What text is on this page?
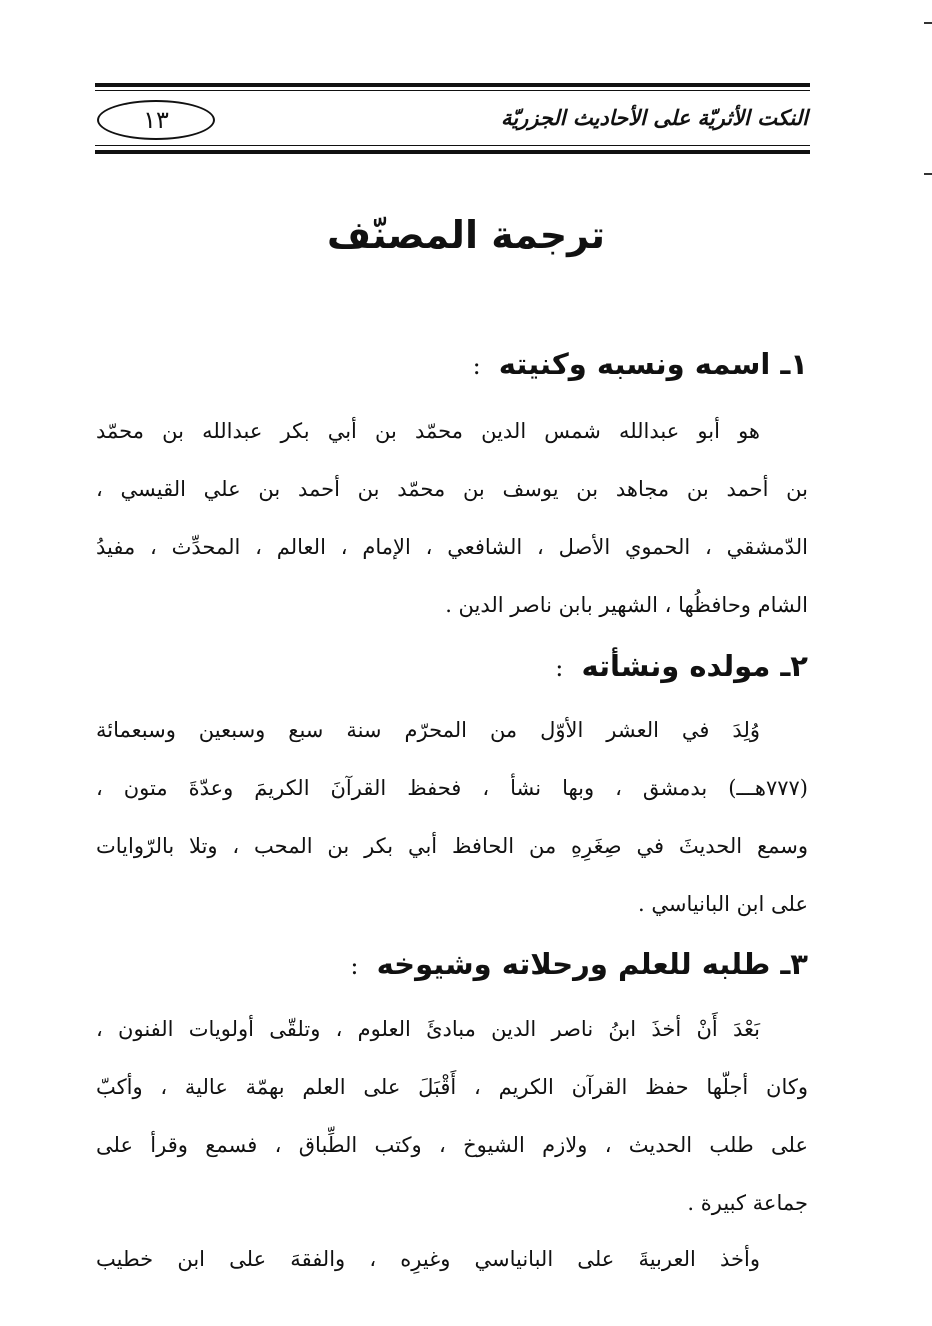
النكت الأثريّة على الأحاديث الجزريّة
١٣
ترجمة المصنّف
١ـ اسمه ونسبه وكنيته :
هو أبو عبدالله شمس الدين محمّد بن أبي بكر عبدالله بن محمّد
بن أحمد بن مجاهد بن يوسف بن محمّد بن أحمد بن علي القيسي ،
الدّمشقي ، الحموي الأصل ، الشافعي ، الإمام ، العالم ، المحدِّث ، مفيدُ
الشام وحافظُها ، الشهير بابن ناصر الدين .
٢ـ مولده ونشأته :
وُلِدَ في العشر الأوّل من المحرّم سنة سبع وسبعين وسبعمائة
(٧٧٧هـــ) بدمشق ، وبها نشأ ، فحفظ القرآنَ الكريمَ وعدّةَ متون ،
وسمع الحديثَ في صِغَرِهِ من الحافظ أبي بكر بن المحب ، وتلا بالرّوايات
على ابن البانياسي .
٣ـ طلبه للعلم ورحلاته وشيوخه :
بَعْدَ أَنْ أخذَ ابنُ ناصر الدين مبادئَ العلوم ، وتلقّى أولويات الفنون ،
وكان أجلّها حفظ القرآن الكريم ، أَقْبَلَ على العلم بهمّة عالية ، وأكبّ
على طلب الحديث ، ولازم الشيوخ ، وكتب الطِّباق ، فسمع وقرأ على
جماعة كبيرة .
وأخذ العربيةَ على البانياسي وغيرِه ، والفقهَ على ابن خطيب
